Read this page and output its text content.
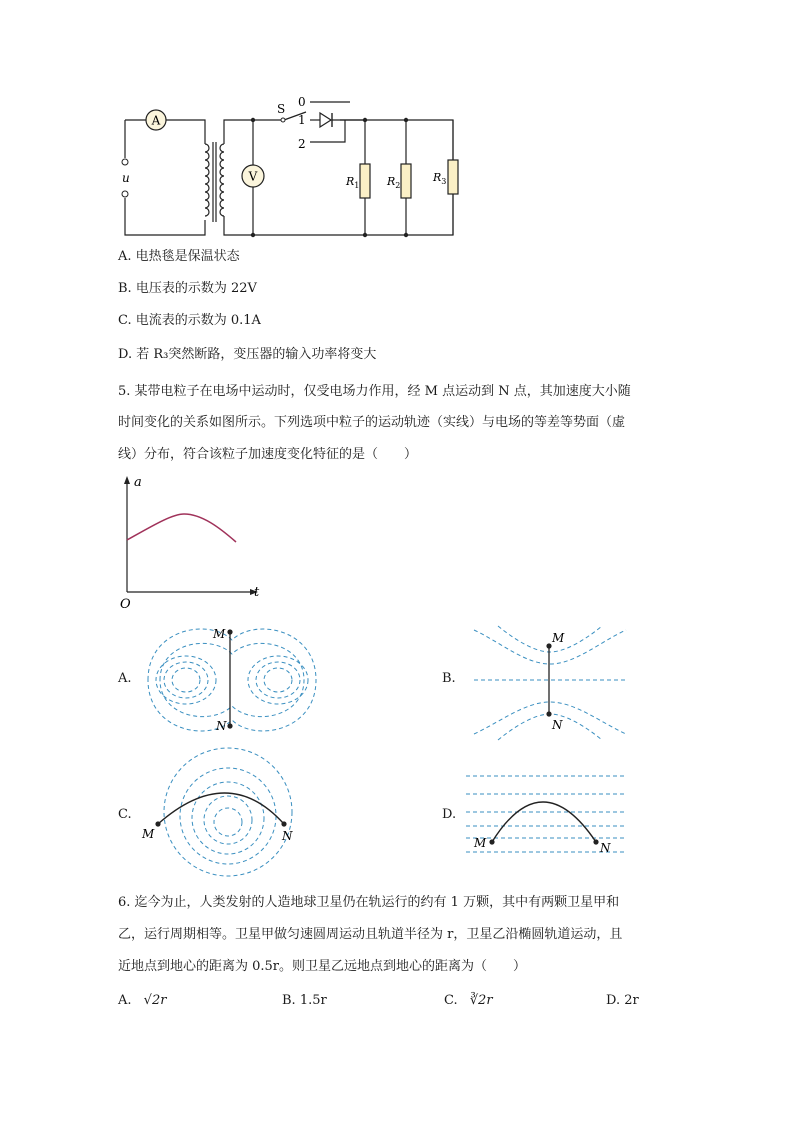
A
V
u
S 0
1
2
$R_1$	$R_2$
$R_3$
A. 电热毯是保温状态
B. 电压表的示数为 22V
C. 电流表的示数为 0.1A
D. 若 R₃突然断路，变压器的输入功率将变大
5. 某带电粒子在电场中运动时，仅受电场力作用，经 M 点运动到 N 点，其加速度大小随
时间变化的关系如图所示。下列选项中粒子的运动轨迹（实线）与电场的等差等势面（虚
线）分布，符合该粒子加速度变化特征的是（　　）
a
t
O
A.
M
N
B.
M
N
C.
M	N
D.
M	N
6. 迄今为止，人类发射的人造地球卫星仍在轨运行的约有 1 万颗，其中有两颗卫星甲和
乙，运行周期相等。卫星甲做匀速圆周运动且轨道半径为 r，卫星乙沿椭圆轨道运动，且
近地点到地心的距离为 0.5r。则卫星乙远地点到地心的距离为（　　）
A. √2r	B. 1.5r	C. ∛2r	D. 2r
